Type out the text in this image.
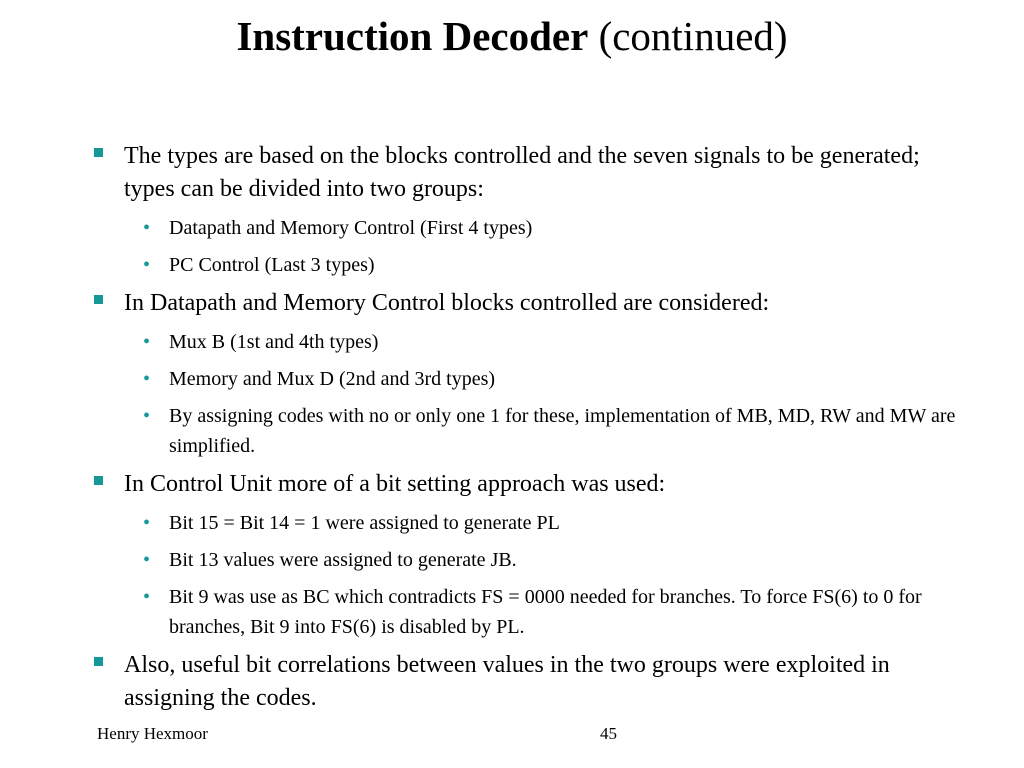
Instruction Decoder (continued)
The types are based on the blocks controlled and the seven signals to be generated; types can be divided into two groups:
• Datapath and Memory Control (First 4 types)
• PC Control (Last 3 types)
In Datapath and Memory Control blocks controlled are considered:
• Mux B (1st and 4th types)
• Memory and Mux D (2nd and 3rd types)
• By assigning codes with no or only one 1 for these, implementation of MB, MD, RW and MW are simplified.
In Control Unit more of a bit setting approach was used:
• Bit 15 = Bit 14 = 1 were assigned to generate PL
• Bit 13 values were assigned to generate JB.
• Bit 9 was use as BC which contradicts FS = 0000 needed for branches. To force FS(6) to 0 for branches, Bit 9 into FS(6) is disabled by PL.
Also, useful bit correlations between values in the two groups were exploited in assigning the codes.
Henry Hexmoor	45
